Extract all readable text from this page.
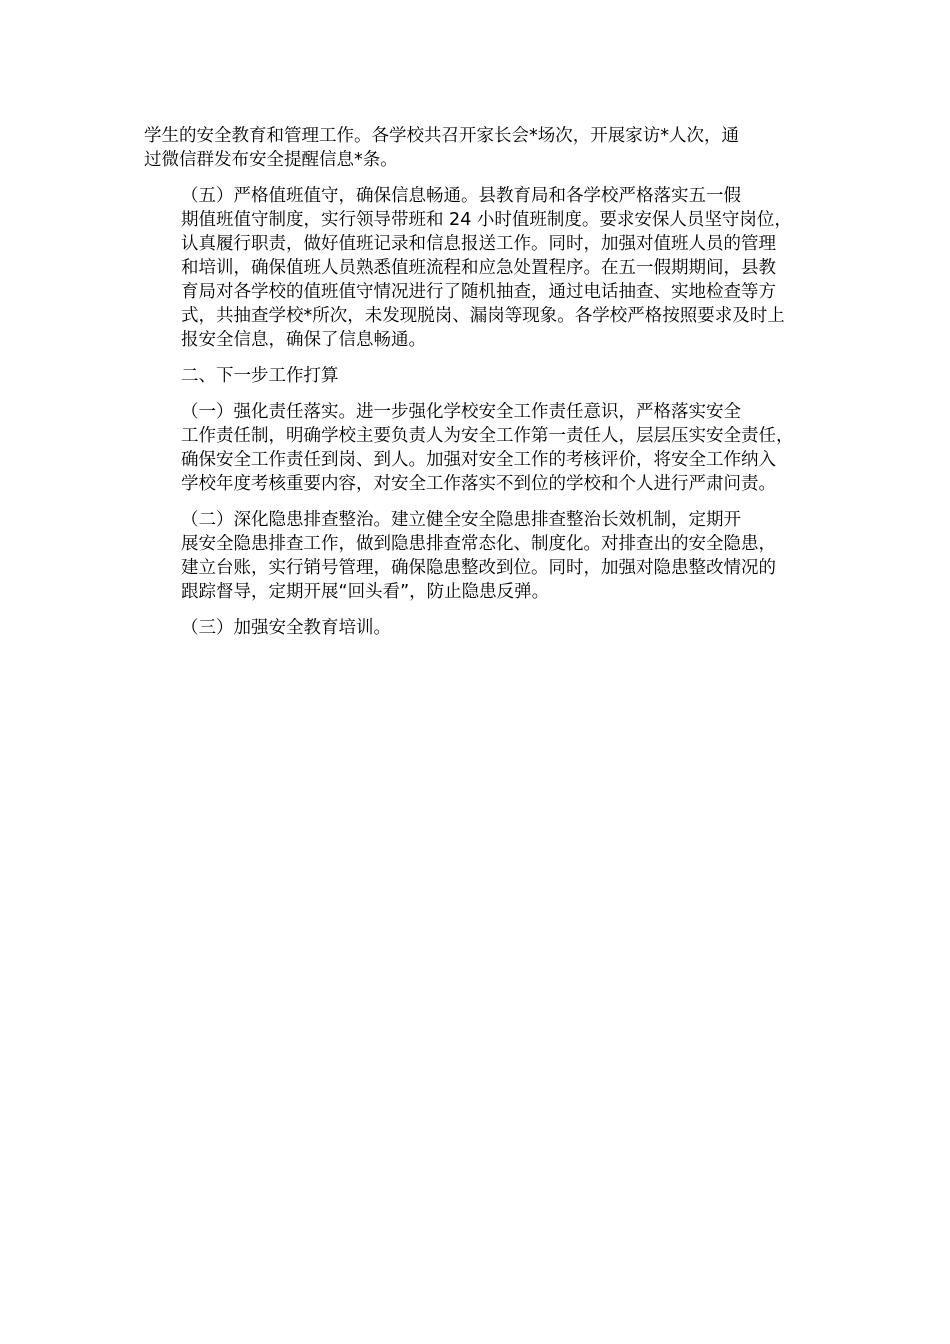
学生的安全教育和管理工作。各学校共召开家长会*场次，开展家访*人次，通
过微信群发布安全提醒信息*条。

（五）严格值班值守，确保信息畅通。县教育局和各学校严格落实五一假
期值班值守制度，实行领导带班和 24 小时值班制度。要求安保人员坚守岗位，
认真履行职责，做好值班记录和信息报送工作。同时，加强对值班人员的管理
和培训，确保值班人员熟悉值班流程和应急处置程序。在五一假期期间，县教
育局对各学校的值班值守情况进行了随机抽查，通过电话抽查、实地检查等方
式，共抽查学校*所次，未发现脱岗、漏岗等现象。各学校严格按照要求及时上
报安全信息，确保了信息畅通。

二、下一步工作打算

（一）强化责任落实。进一步强化学校安全工作责任意识，严格落实安全
工作责任制，明确学校主要负责人为安全工作第一责任人，层层压实安全责任，
确保安全工作责任到岗、到人。加强对安全工作的考核评价，将安全工作纳入
学校年度考核重要内容，对安全工作落实不到位的学校和个人进行严肃问责。

（二）深化隐患排查整治。建立健全安全隐患排查整治长效机制，定期开
展安全隐患排查工作，做到隐患排查常态化、制度化。对排查出的安全隐患，
建立台账，实行销号管理，确保隐患整改到位。同时，加强对隐患整改情况的
跟踪督导，定期开展“回头看”，防止隐患反弹。

（三）加强安全教育培训。
